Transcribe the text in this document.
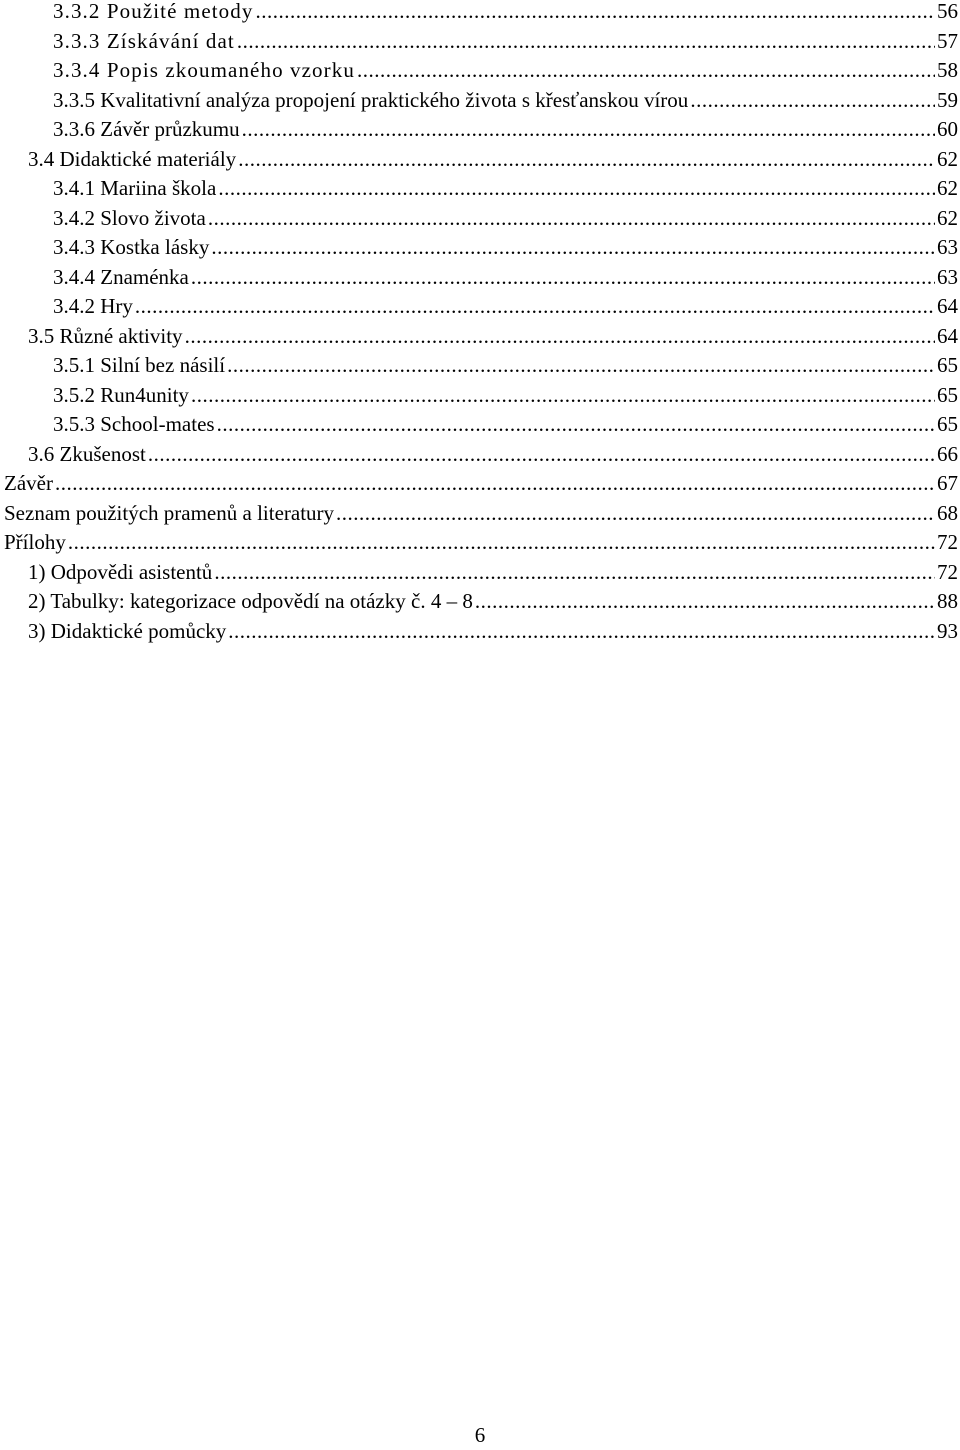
3.3.2 Použité metody .....	56
3.3.3 Získávání dat .....	57
3.3.4 Popis zkoumaného vzorku .....	58
3.3.5 Kvalitativní analýza propojení praktického života s křesťanskou vírou .....	59
3.3.6 Závěr průzkumu .....	60
3.4 Didaktické materiály .....	62
3.4.1 Mariina škola .....	62
3.4.2 Slovo života .....	62
3.4.3 Kostka lásky .....	63
3.4.4 Znaménka .....	63
3.4.2 Hry .....	64
3.5 Různé aktivity .....	64
3.5.1 Silní bez násilí .....	65
3.5.2 Run4unity .....	65
3.5.3 School-mates .....	65
3.6 Zkušenost .....	66
Závěr .....	67
Seznam použitých pramenů a literatury .....	68
Přílohy .....	72
1) Odpovědi asistentů .....	72
2) Tabulky: kategorizace odpovědí na otázky č. 4 – 8 .....	88
3) Didaktické pomůcky .....	93
6
